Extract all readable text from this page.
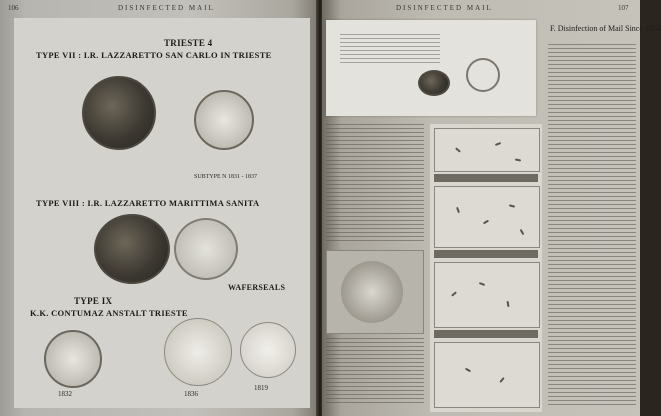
106	DISINFECTED MAIL
TRIESTE 4
TYPE VII : I.R. LAZZARETTO SAN CARLO IN TRIESTE
SUBTYPE N 1831 - 1837
TYPE VIII : I.R. LAZZARETTO MARITTIMA SANITA
WAFERSEALS
TYPE IX
K.K. CONTUMAZ ANSTALT TRIESTE
1832	1836
1819
DISINFECTED MAIL	107
F. Disinfection of Mail Since 1855
